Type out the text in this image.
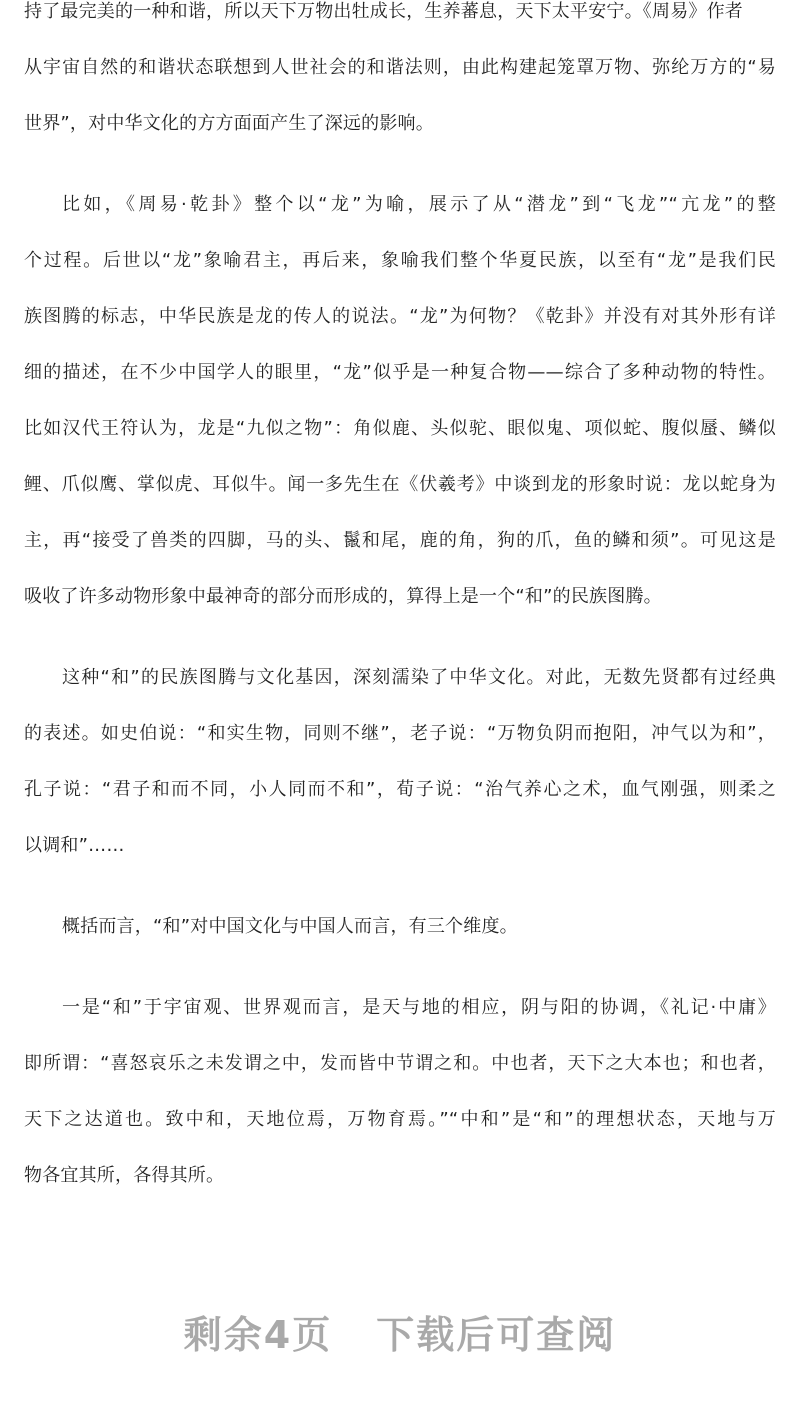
持了最完美的一种和谐，所以天下万物出牡成长，生养蕃息，天下太平安宁。《周易》作者

从宇宙自然的和谐状态联想到人世社会的和谐法则，由此构建起笼罩万物、弥纶万方的“易
世界”，对中华文化的方方面面产生了深远的影响。

比如，《周易·乾卦》整个以“龙”为喻，展示了从“潜龙”到“飞龙”“亢龙”的整
个过程。后世以“龙”象喻君主，再后来，象喻我们整个华夏民族，以至有“龙”是我们民
族图腾的标志，中华民族是龙的传人的说法。“龙”为何物？《乾卦》并没有对其外形有详
细的描述，在不少中国学人的眼里，“龙”似乎是一种复合物——综合了多种动物的特性。
比如汉代王符认为，龙是“九似之物”：角似鹿、头似驼、眼似鬼、项似蛇、腹似蜃、鳞似
鲤、爪似鹰、掌似虎、耳似牛。闻一多先生在《伏羲考》中谈到龙的形象时说：龙以蛇身为
主，再“接受了兽类的四脚，马的头、鬣和尾，鹿的角，狗的爪，鱼的鳞和须”。可见这是
吸收了许多动物形象中最神奇的部分而形成的，算得上是一个“和”的民族图腾。

这种“和”的民族图腾与文化基因，深刻濡染了中华文化。对此，无数先贤都有过经典
的表述。如史伯说：“和实生物，同则不继”，老子说：“万物负阴而抱阳，冲气以为和”，
孔子说：“君子和而不同，小人同而不和”，荀子说：“治气养心之术，血气刚强，则柔之
以调和”……

概括而言，“和”对中国文化与中国人而言，有三个维度。

一是“和”于宇宙观、世界观而言，是天与地的相应，阴与阳的协调，《礼记·中庸》
即所谓：“喜怒哀乐之未发谓之中，发而皆中节谓之和。中也者，天下之大本也；和也者，
天下之达道也。致中和，天地位焉，万物育焉。”“中和”是“和”的理想状态，天地与万
物各宜其所，各得其所。

剩余4页 下载后可查阅
